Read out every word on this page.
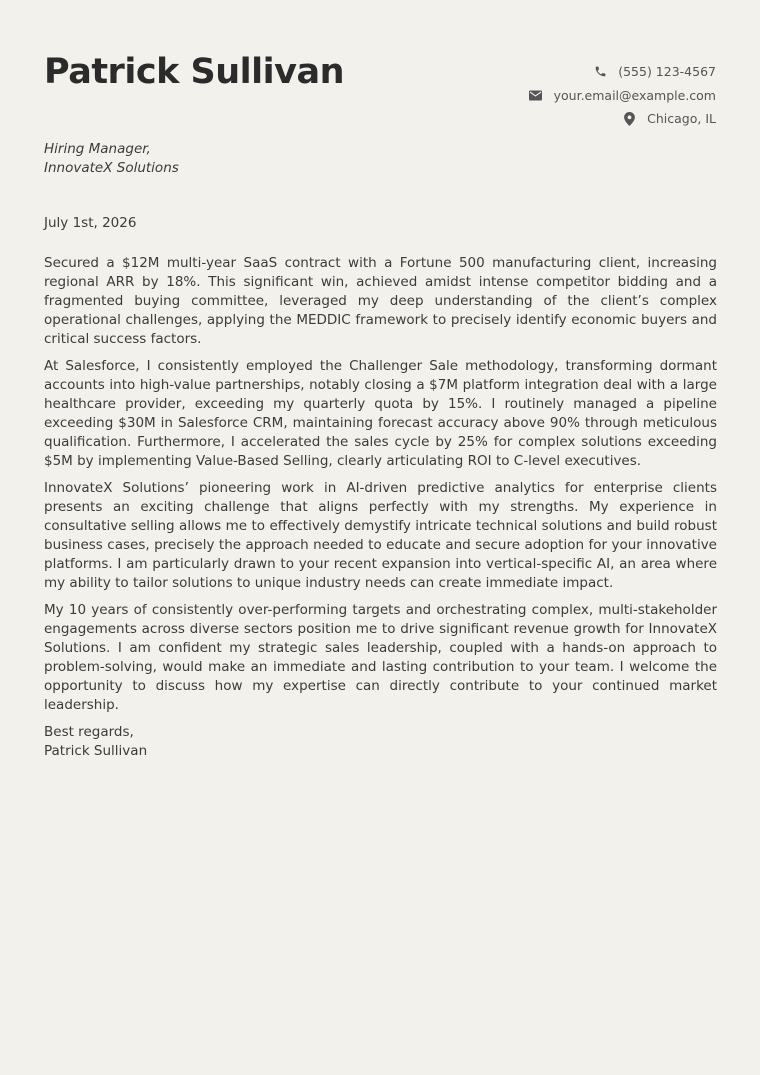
Patrick Sullivan	(555) 123-4567
your.email@example.com
Chicago, IL
Hiring Manager,
InnovateX Solutions
July 1st, 2026

Secured a $12M multi-year SaaS contract with a Fortune 500 manufacturing client, increasing regional ARR by 18%. This significant win, achieved amidst intense competitor bidding and a fragmented buying committee, leveraged my deep understanding of the client’s complex operational challenges, applying the MEDDIC framework to precisely identify economic buyers and critical success factors.

At Salesforce, I consistently employed the Challenger Sale methodology, transforming dormant accounts into high-value partnerships, notably closing a $7M platform integration deal with a large healthcare provider, exceeding my quarterly quota by 15%. I routinely managed a pipeline exceeding $30M in Salesforce CRM, maintaining forecast accuracy above 90% through meticulous qualification. Furthermore, I accelerated the sales cycle by 25% for complex solutions exceeding $5M by implementing Value-Based Selling, clearly articulating ROI to C-level executives.

InnovateX Solutions’ pioneering work in AI-driven predictive analytics for enterprise clients presents an exciting challenge that aligns perfectly with my strengths. My experience in consultative selling allows me to effectively demystify intricate technical solutions and build robust business cases, precisely the approach needed to educate and secure adoption for your innovative platforms. I am particularly drawn to your recent expansion into vertical-specific AI, an area where my ability to tailor solutions to unique industry needs can create immediate impact.

My 10 years of consistently over-performing targets and orchestrating complex, multi-stakeholder engagements across diverse sectors position me to drive significant revenue growth for InnovateX Solutions. I am confident my strategic sales leadership, coupled with a hands-on approach to problem-solving, would make an immediate and lasting contribution to your team. I welcome the opportunity to discuss how my expertise can directly contribute to your continued market leadership.

Best regards,
Patrick Sullivan
